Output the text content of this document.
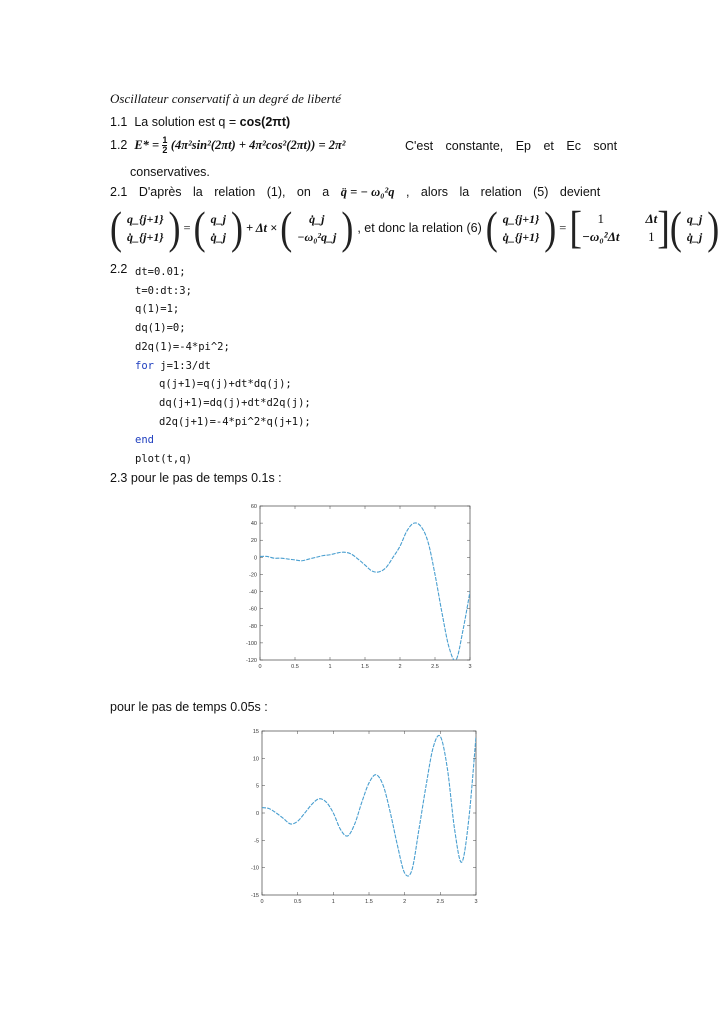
Oscillateur conservatif à un degré de liberté
1.1 La solution est q = cos(2πt)
1.2 $E* = \frac{1}{2} (4\pi^2\sin^2(2\pi t) + 4\pi^2\cos^2(2\pi t)) = 2\pi^2$	C'est constante, Ep et Ec sont
conservatives.
2.1 D'après la relation (1), on a q̈ = − ω₀²q , alors la relation (5) devient
( q_{j+1}
q̇_{j+1} ) = ( q_j
q̇_j ) + Δt × ( q̇_j
−ω₀²q_j ) , et donc la relation (6) ( q_{j+1}
q̇_{j+1} ) = [	1	Δt
−ω₀²Δt 1 ] ( q_j
q̇_j )
2.2 dt=0.01;
t=0:dt:3;
q(1)=1;
dq(1)=0;
d2q(1)=-4*pi^2;
for j=1:3/dt
q(j+1)=q(j)+dt*dq(j);
dq(j+1)=dq(j)+dt*d2q(j);
d2q(j+1)=-4*pi^2*q(j+1);
end
plot(t,q)
2.3 pour le pas de temps 0.1s :
60
40
20
0
-20
-40
-60
-80
-100
-120
0	0.5	1	1.5	2	2.5	3
pour le pas de temps 0.05s :
15
10
5
0
-5
-10
-15
0	0.5	1	1.5	2	2.5	3
